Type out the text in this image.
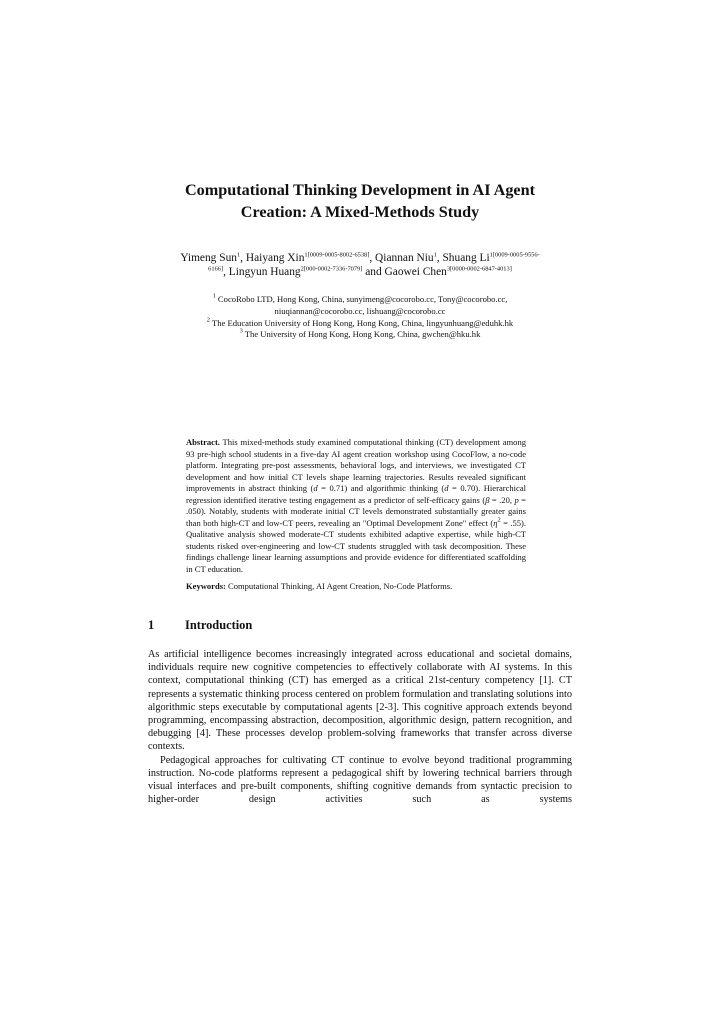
Computational Thinking Development in AI Agent

Creation: A Mixed-Methods Study

Yimeng Sun$^1$, Haiyang Xin$^{1[0009-0005-8002-6538]}$, Qiannan Niu$^1$, Shuang $Li^{1[0009-0005-9556-}$
$^{6166]}$, Lingyun Huang$^{2[000-0002-7336-7079]}$ and Gaowei Chen$^{3[0000-0002-6847-4013]}$
$^1$ CocoRobo LTD, Hong Kong, China, sunyimeng@cocorobo.cc, Tony@cocorobo.cc,
niuqiannan@cocorobo.cc, lishuang@cocorobo.cc
$^2$ The Education University of Hong Kong, Hong Kong, China, lingyunhuang@eduhk.hk
$^3$ The University of Hong Kong, Hong Kong, China, gwchen@hku.hk
Abstract. This mixed-methods study examined computational thinking (CT) development among 93 pre-high school students in a five-day AI agent creation workshop using CocoFlow, a no-code platform. Integrating pre-post assessments, behavioral logs, and interviews, we investigated CT development and how initial CT levels shape learning trajectories. Results revealed significant improvements in abstract thinking (d = 0.71) and algorithmic thinking (d = 0.70). Hierarchical regression identified iterative testing engagement as a predictor of self-efficacy gains (β = .20, p = .050). Notably, students with moderate initial CT levels demonstrated substantially greater gains than both high-CT and low-CT peers, revealing an "Optimal Development Zone" effect $(\eta^2 = .55)$. Qualitative analysis showed moderate-CT students exhibited adaptive expertise, while high-CT students risked over-engineering and low-CT students struggled with task decomposition. These findings challenge linear learning assumptions and provide evidence for differentiated scaffolding in CT education.
Keywords: Computational Thinking, AI Agent Creation, No-Code Platforms.
1 Introduction

As artificial intelligence becomes increasingly integrated across educational and societal domains, individuals require new cognitive competencies to effectively collaborate with AI systems. In this context, computational thinking (CT) has emerged as a critical 21st-century competency [1]. CT represents a systematic thinking process centered on problem formulation and translating solutions into algorithmic steps executable by computational agents [2-3]. This cognitive approach extends beyond programming, encompassing abstraction, decomposition, algorithmic design, pattern recognition, and debugging [4]. These processes develop problem-solving frameworks that transfer across diverse contexts.

Pedagogical approaches for cultivating CT continue to evolve beyond traditional programming instruction. No-code platforms represent a pedagogical shift by lowering technical barriers through visual interfaces and pre-built components, shifting cognitive demands from syntactic precision to higher-order design activities such as systems
